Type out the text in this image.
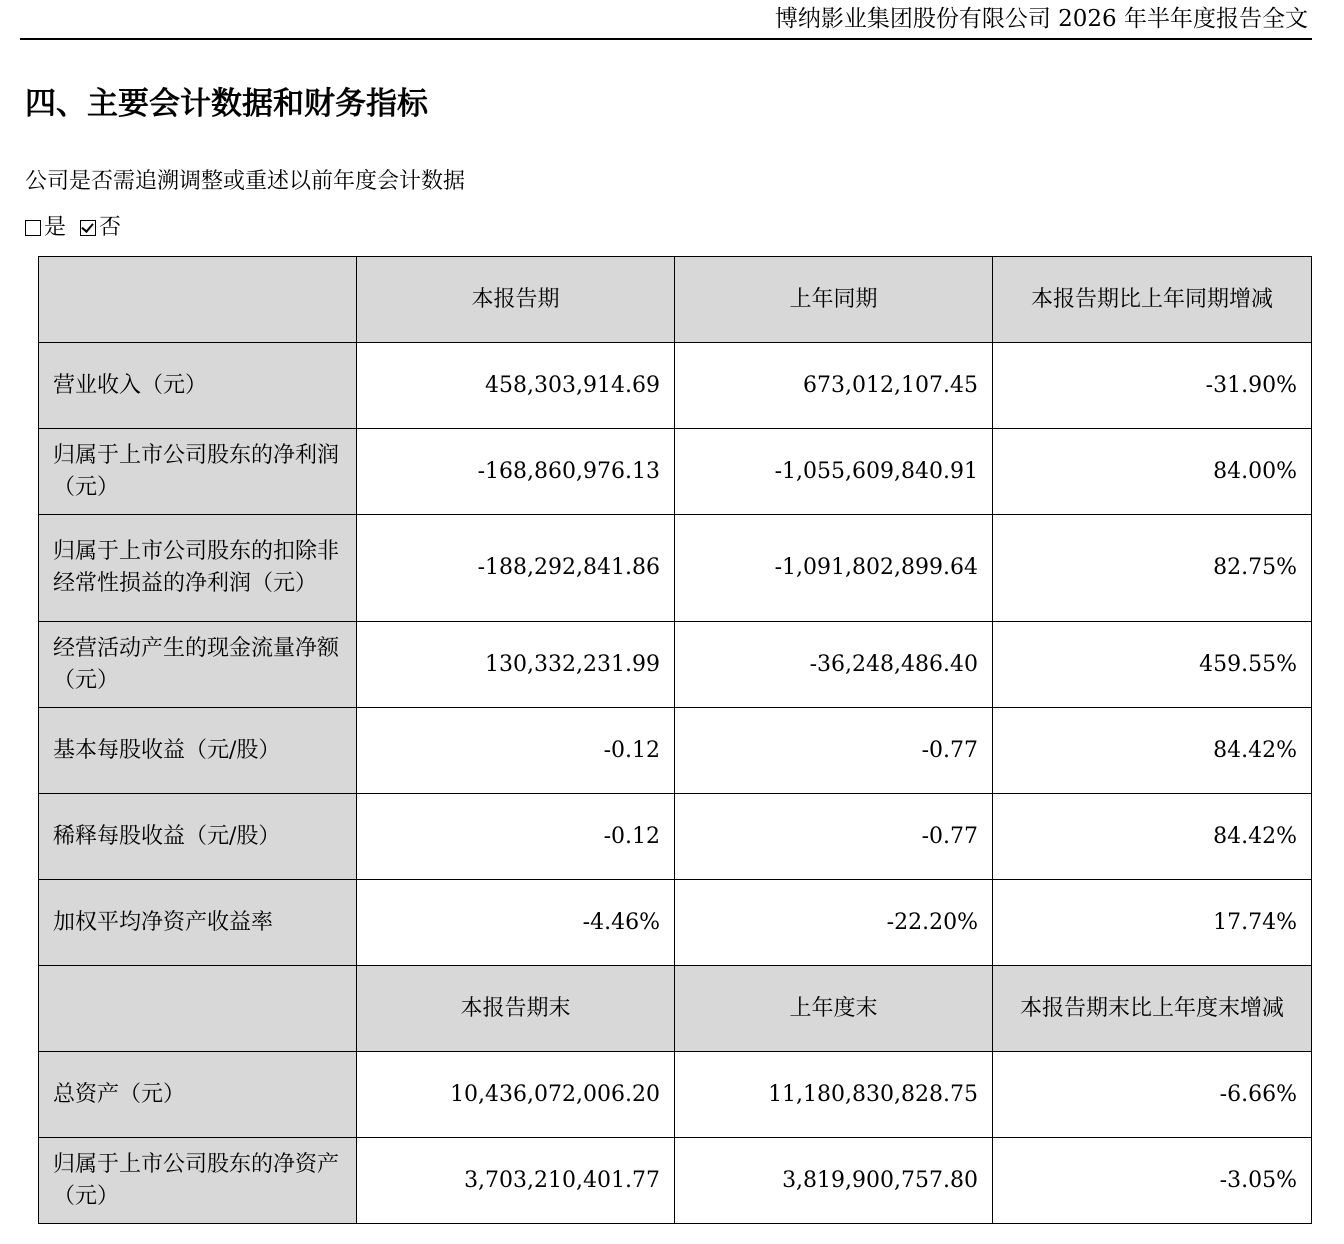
博纳影业集团股份有限公司 2026 年半年度报告全文
四、主要会计数据和财务指标
公司是否需追溯调整或重述以前年度会计数据
是 否
	本报告期	上年同期	本报告期比上年同期增减
营业收入（元）	458,303,914.69	673,012,107.45	-31.90%
归属于上市公司股东的净利润（元）	-168,860,976.13	-1,055,609,840.91	84.00%
归属于上市公司股东的扣除非经常性损益的净利润（元）	-188,292,841.86	-1,091,802,899.64	82.75%
经营活动产生的现金流量净额（元）	130,332,231.99	-36,248,486.40	459.55%
基本每股收益（元/股）	-0.12	-0.77	84.42%
稀释每股收益（元/股）	-0.12	-0.77	84.42%
加权平均净资产收益率	-4.46%	-22.20%	17.74%
	本报告期末	上年度末	本报告期末比上年度末增减
总资产（元）	10,436,072,006.20	11,180,830,828.75	-6.66%
归属于上市公司股东的净资产（元）	3,703,210,401.77	3,819,900,757.80	-3.05%
